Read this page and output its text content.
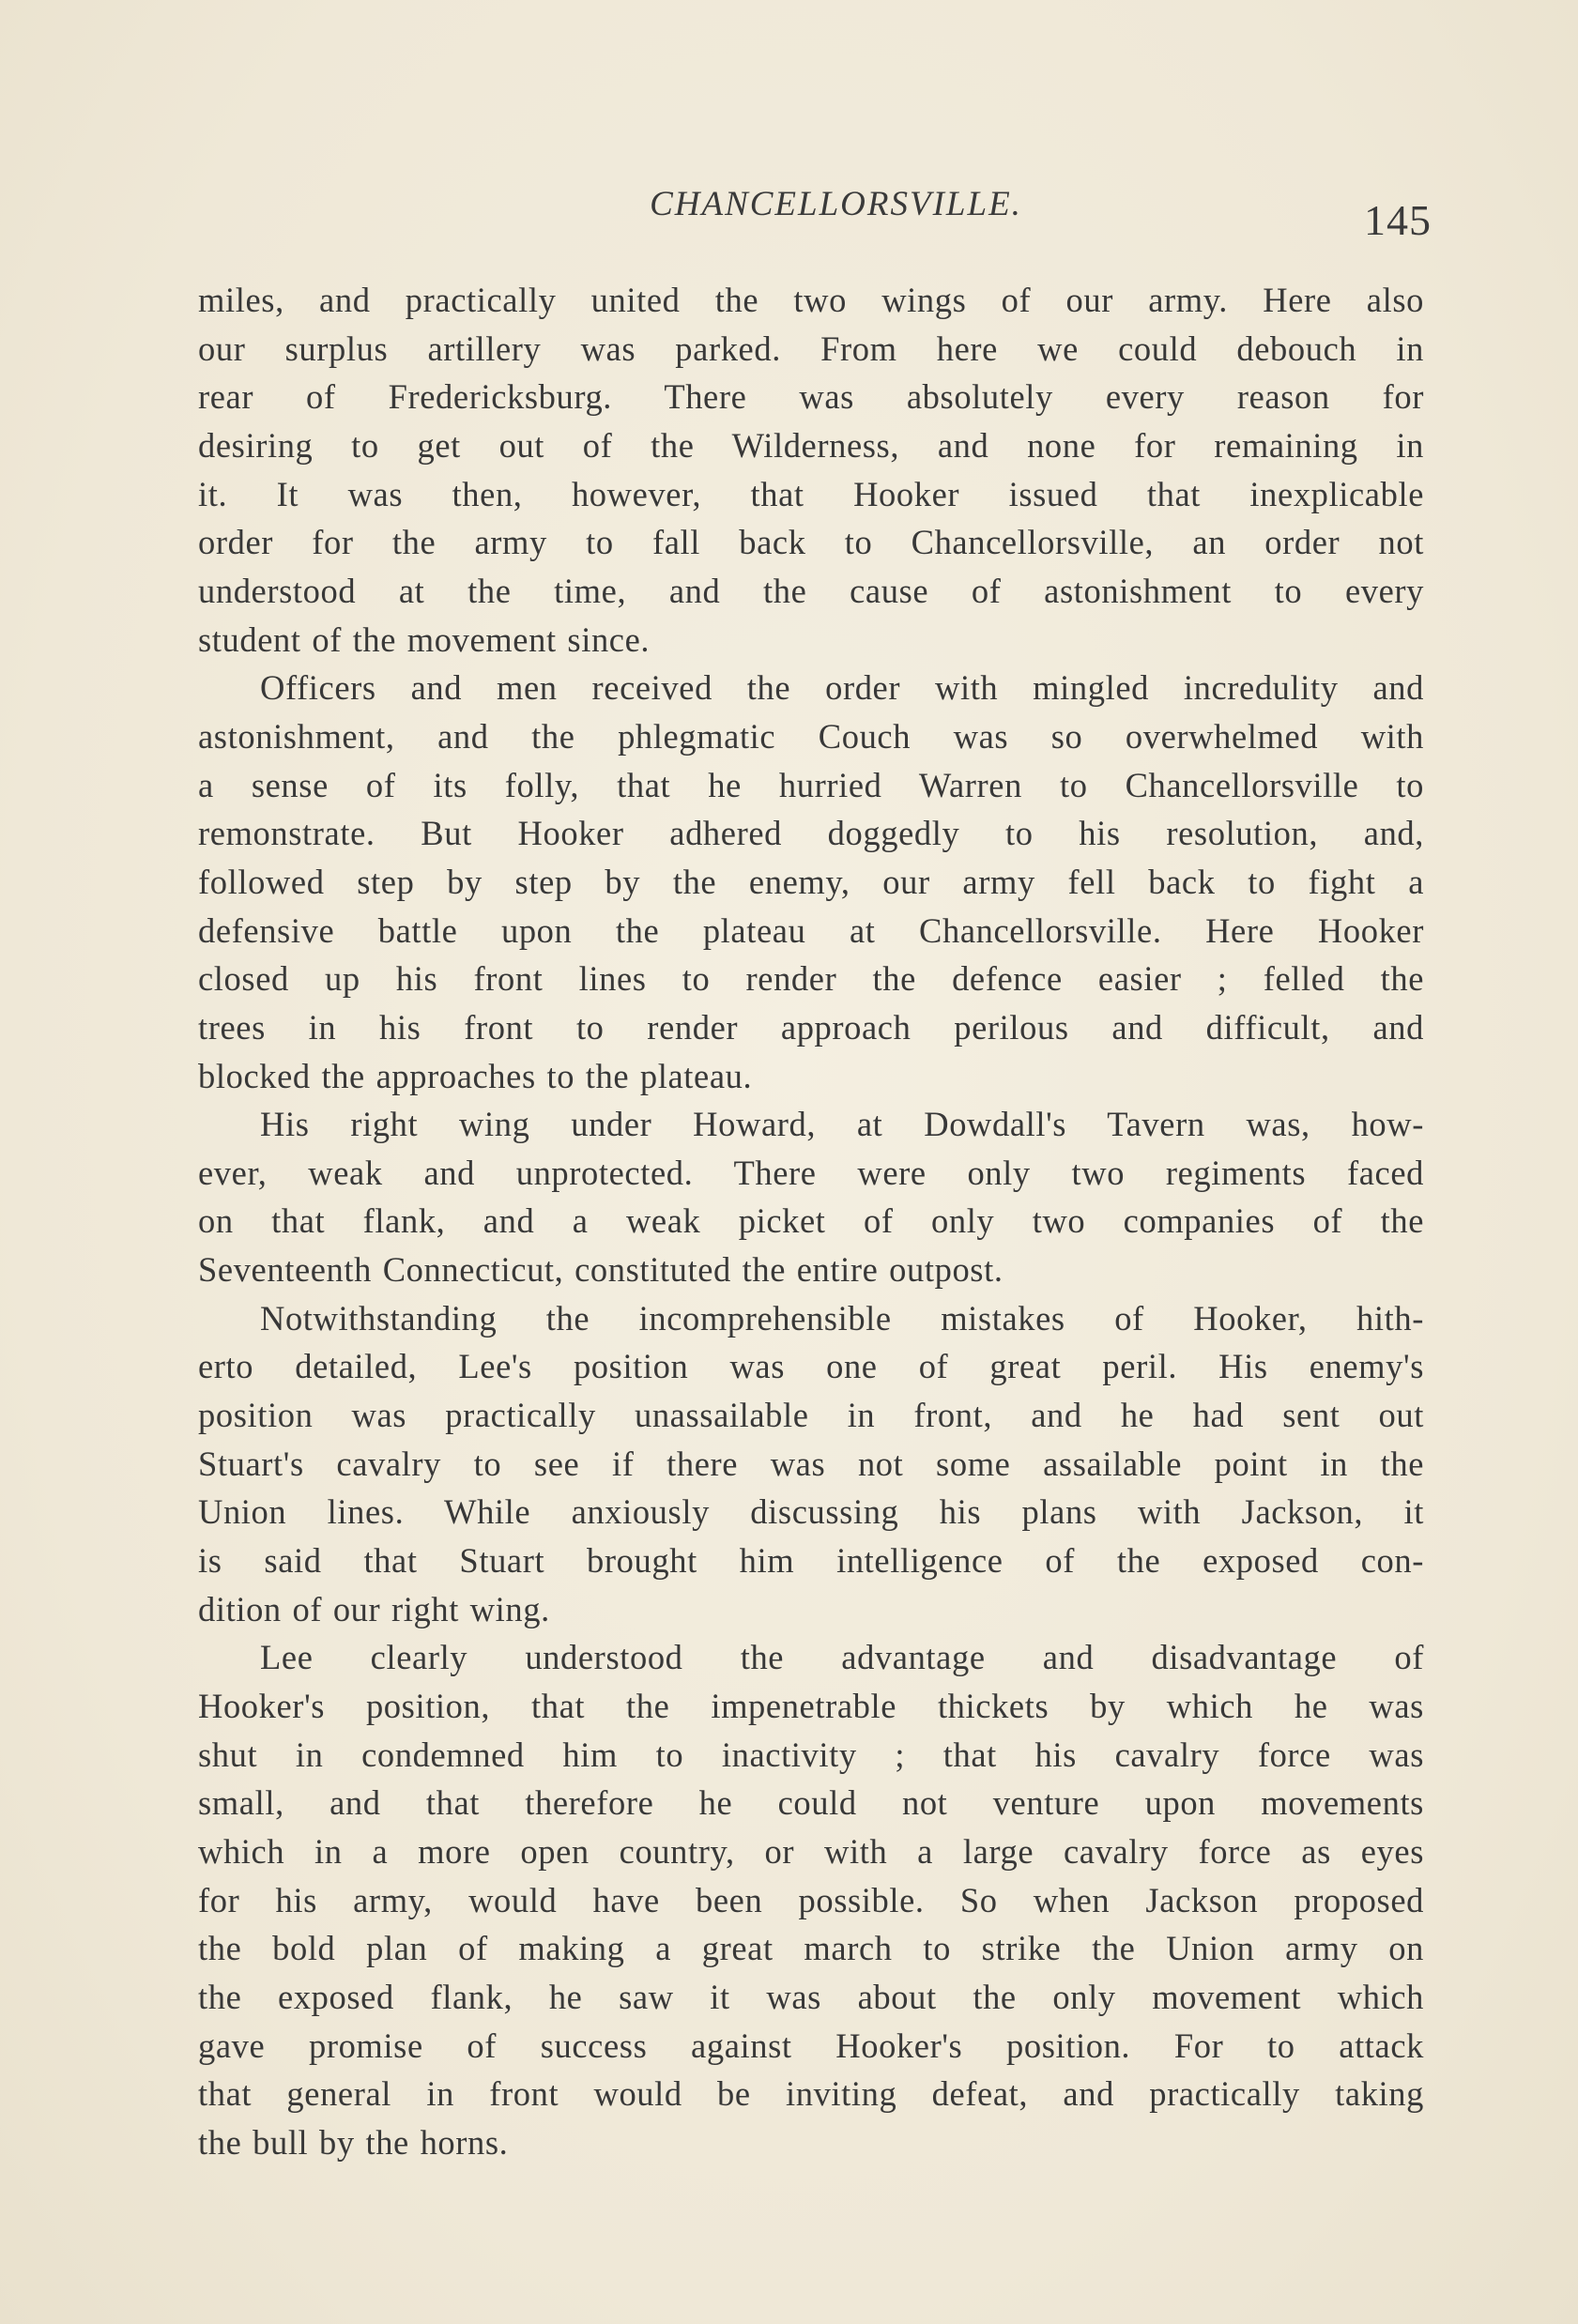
CHANCELLORSVILLE.	145

miles, and practically united the two wings of our army. Here also
our surplus artillery was parked. From here we could debouch in
rear of Fredericksburg. There was absolutely every reason for
desiring to get out of the Wilderness, and none for remaining in
it. It was then, however, that Hooker issued that inexplicable
order for the army to fall back to Chancellorsville, an order not
understood at the time, and the cause of astonishment to every
student of the movement since.

Officers and men received the order with mingled incredulity and
astonishment, and the phlegmatic Couch was so overwhelmed with
a sense of its folly, that he hurried Warren to Chancellorsville to
remonstrate. But Hooker adhered doggedly to his resolution, and,
followed step by step by the enemy, our army fell back to fight a
defensive battle upon the plateau at Chancellorsville. Here Hooker
closed up his front lines to render the defence easier ; felled the
trees in his front to render approach perilous and difficult, and
blocked the approaches to the plateau.

His right wing under Howard, at Dowdall's Tavern was, how-
ever, weak and unprotected. There were only two regiments faced
on that flank, and a weak picket of only two companies of the
Seventeenth Connecticut, constituted the entire outpost.

Notwithstanding the incomprehensible mistakes of Hooker, hith-
erto detailed, Lee's position was one of great peril. His enemy's
position was practically unassailable in front, and he had sent out
Stuart's cavalry to see if there was not some assailable point in the
Union lines. While anxiously discussing his plans with Jackson, it
is said that Stuart brought him intelligence of the exposed con-
dition of our right wing.

Lee clearly understood the advantage and disadvantage of
Hooker's position, that the impenetrable thickets by which he was
shut in condemned him to inactivity ; that his cavalry force was
small, and that therefore he could not venture upon movements
which in a more open country, or with a large cavalry force as eyes
for his army, would have been possible. So when Jackson proposed
the bold plan of making a great march to strike the Union army on
the exposed flank, he saw it was about the only movement which
gave promise of success against Hooker's position. For to attack
that general in front would be inviting defeat, and practically taking
the bull by the horns.
